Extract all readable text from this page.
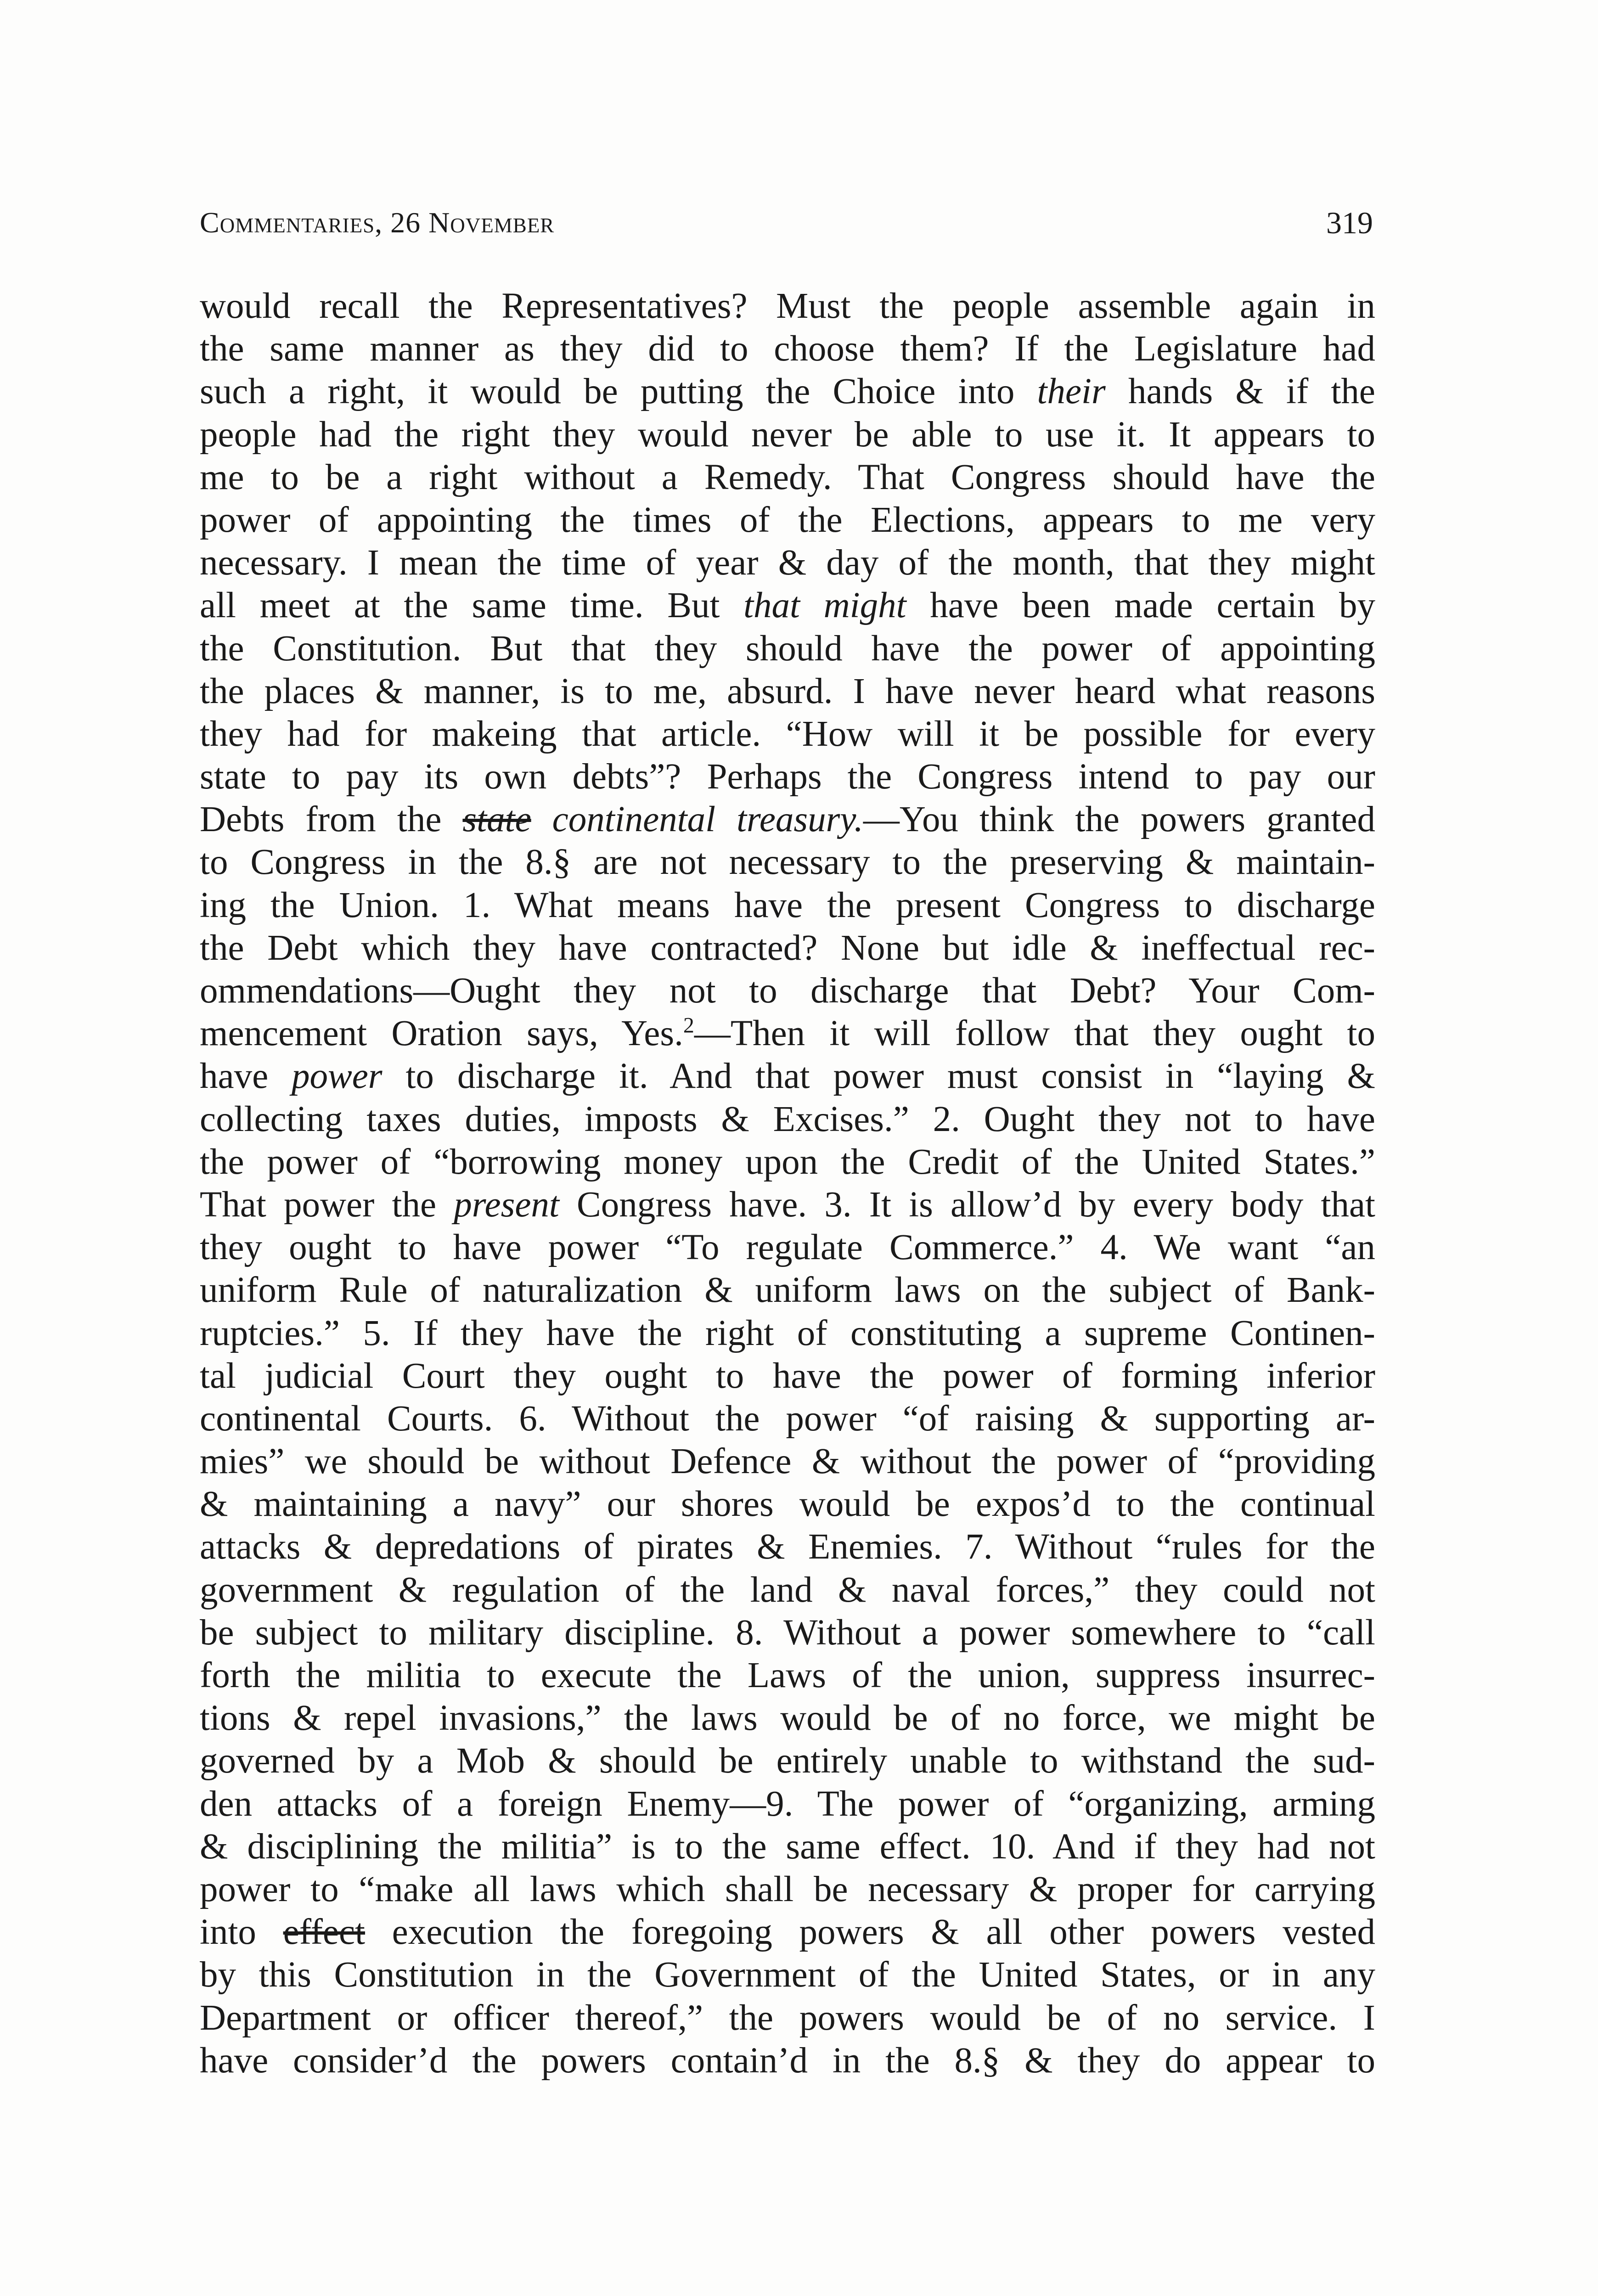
Commentaries, 26 November	319
would recall the Representatives? Must the people assemble again in
the same manner as they did to choose them? If the Legislature had
such a right, it would be putting the Choice into their hands & if the
people had the right they would never be able to use it. It appears to
me to be a right without a Remedy. That Congress should have the
power of appointing the times of the Elections, appears to me very
necessary. I mean the time of year & day of the month, that they might
all meet at the same time. But that might have been made certain by
the Constitution. But that they should have the power of appointing
the places & manner, is to me, absurd. I have never heard what reasons
they had for makeing that article. “How will it be possible for every
state to pay its own debts”? Perhaps the Congress intend to pay our
Debts from the state continental treasury.—You think the powers granted
to Congress in the 8.§ are not necessary to the preserving & maintain-
ing the Union. 1. What means have the present Congress to discharge
the Debt which they have contracted? None but idle & ineffectual rec-
ommendations—Ought they not to discharge that Debt? Your Com-
mencement Oration says, Yes.$^2$—Then it will follow that they ought to
have power to discharge it. And that power must consist in “laying &
collecting taxes duties, imposts & Excises.” 2. Ought they not to have
the power of “borrowing money upon the Credit of the United States.”
That power the present Congress have. 3. It is allow’d by every body that
they ought to have power “To regulate Commerce.” 4. We want “an
uniform Rule of naturalization & uniform laws on the subject of Bank-
ruptcies.” 5. If they have the right of constituting a supreme Continen-
tal judicial Court they ought to have the power of forming inferior
continental Courts. 6. Without the power “of raising & supporting ar-
mies” we should be without Defence & without the power of “providing
& maintaining a navy” our shores would be expos’d to the continual
attacks & depredations of pirates & Enemies. 7. Without “rules for the
government & regulation of the land & naval forces,” they could not
be subject to military discipline. 8. Without a power somewhere to “call
forth the militia to execute the Laws of the union, suppress insurrec-
tions & repel invasions,” the laws would be of no force, we might be
governed by a Mob & should be entirely unable to withstand the sud-
den attacks of a foreign Enemy—9. The power of “organizing, arming
& disciplining the militia” is to the same effect. 10. And if they had not
power to “make all laws which shall be necessary & proper for carrying
into effect execution the foregoing powers & all other powers vested
by this Constitution in the Government of the United States, or in any
Department or officer thereof,” the powers would be of no service. I
have consider’d the powers contain’d in the 8.§ & they do appear to
